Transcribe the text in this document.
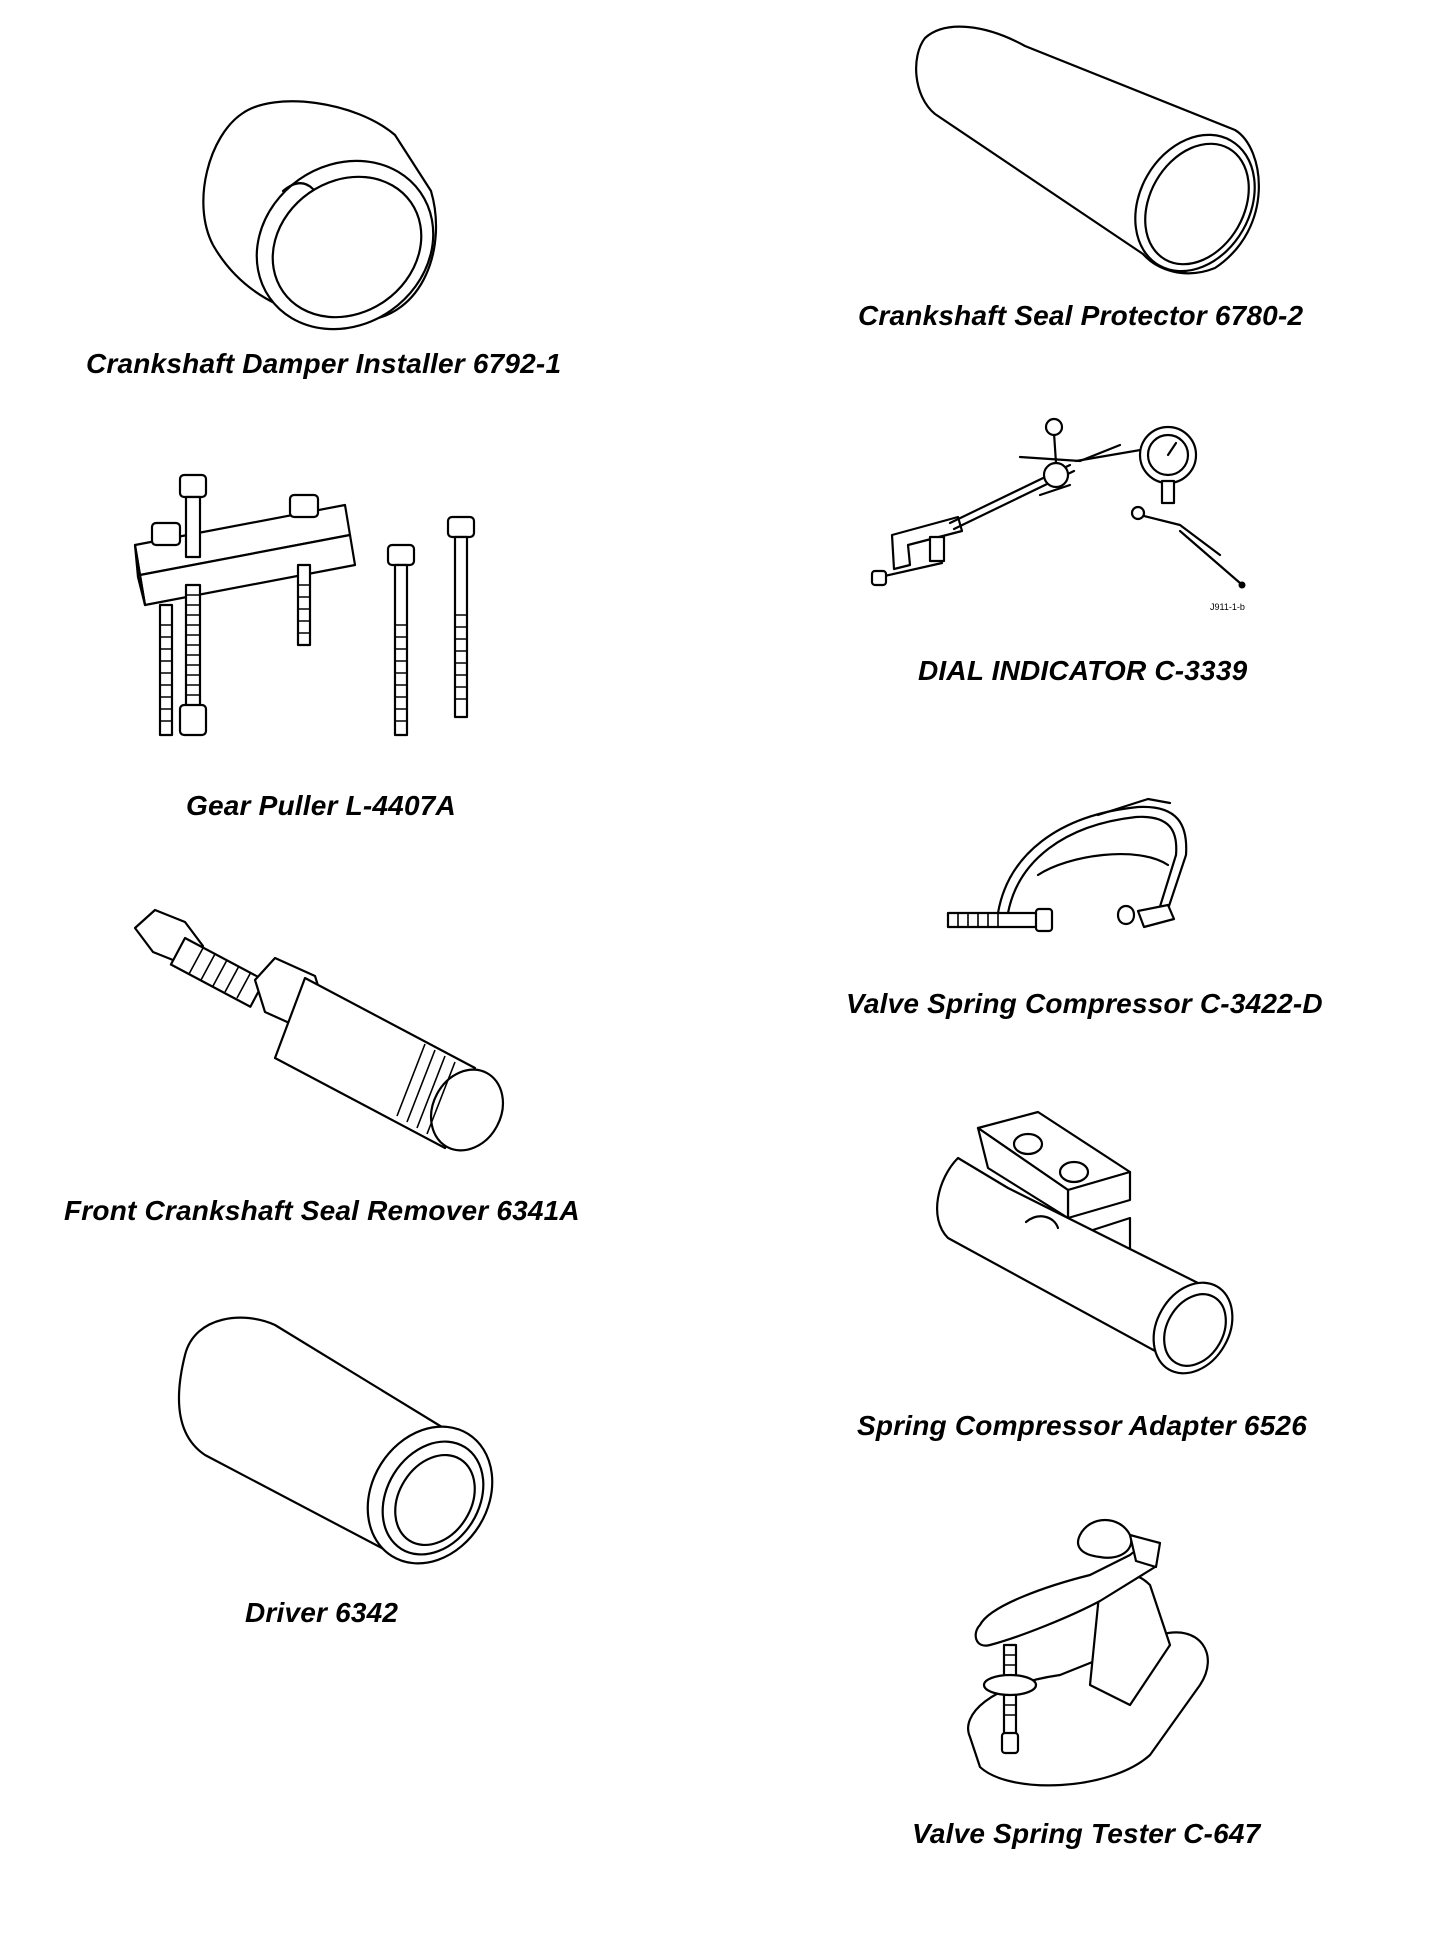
Crankshaft Damper Installer 6792-1
Crankshaft Seal Protector 6780-2
Gear Puller L-4407A
J911-1-b
DIAL INDICATOR C-3339
Valve Spring Compressor C-3422-D
Front Crankshaft Seal Remover 6341A
Spring Compressor Adapter 6526
Driver 6342
Valve Spring Tester C-647
